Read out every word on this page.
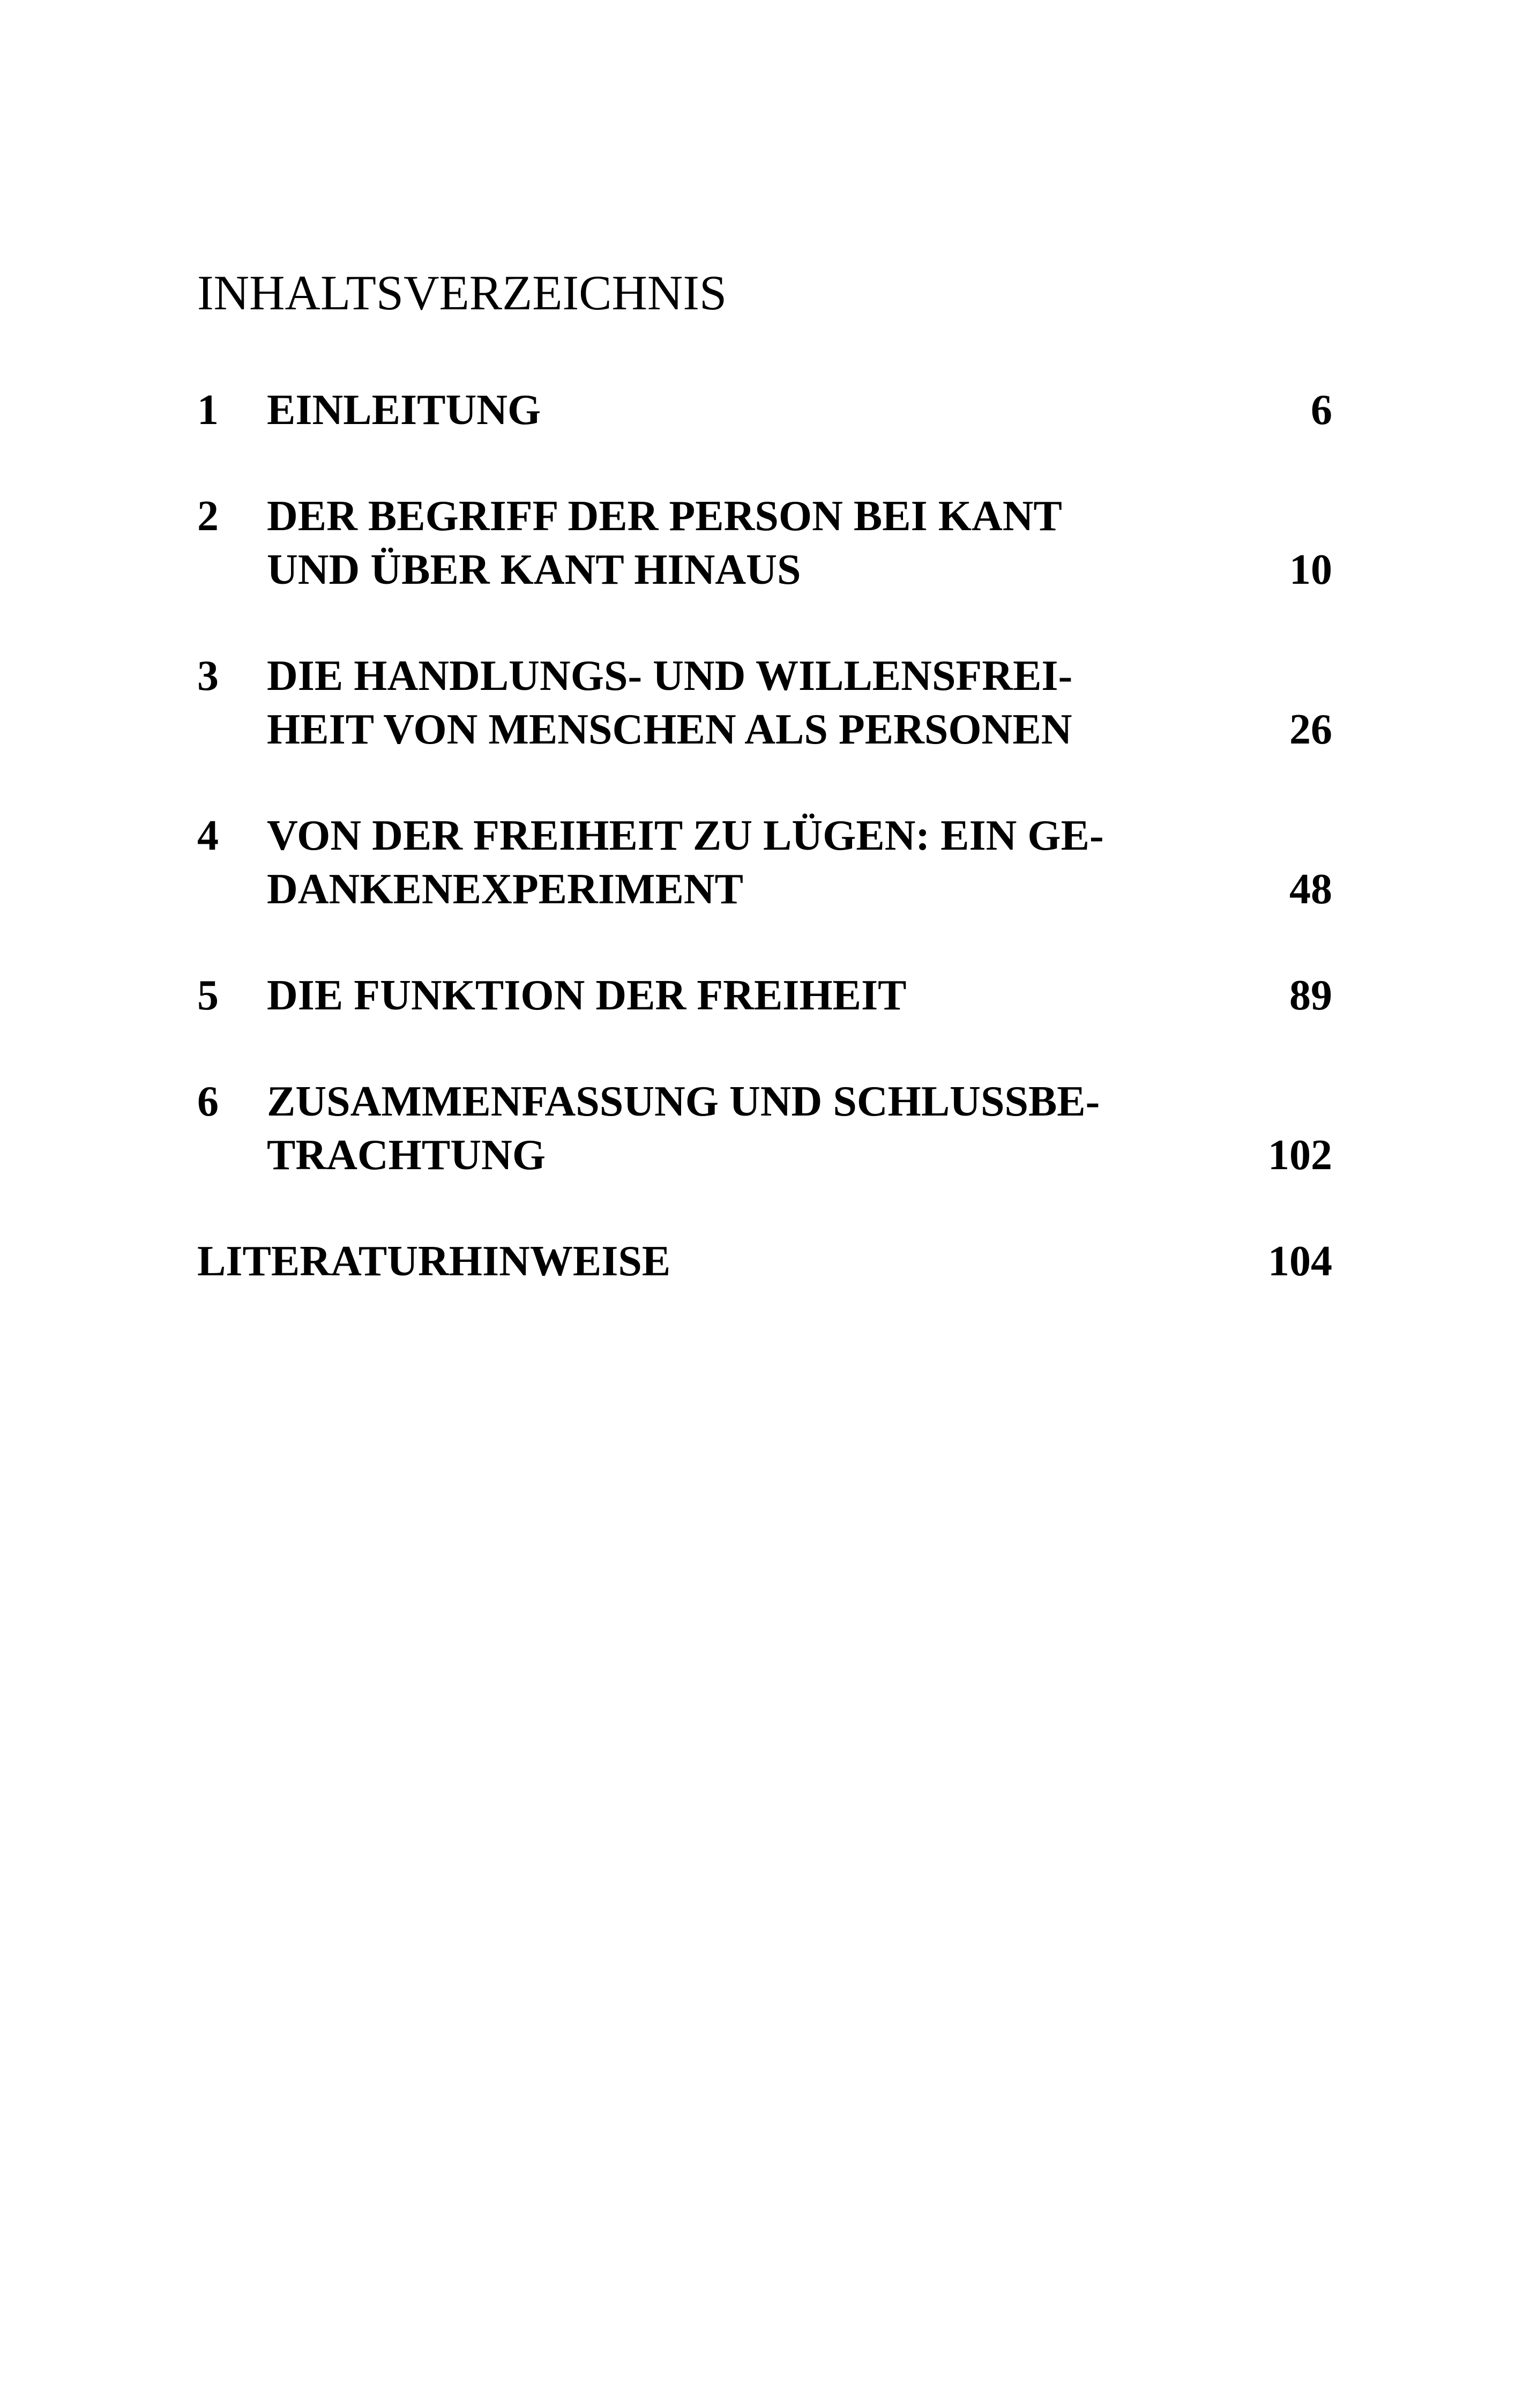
INHALTSVERZEICHNIS
1 EINLEITUNG	6
2 DER BEGRIFF DER PERSON BEI KANT
UND ÜBER KANT HINAUS	10
3 DIE HANDLUNGS- UND WILLENSFREI-
HEIT VON MENSCHEN ALS PERSONEN	26
4 VON DER FREIHEIT ZU LÜGEN: EIN GE-
DANKENEXPERIMENT	48
5 DIE FUNKTION DER FREIHEIT	89
6 ZUSAMMENFASSUNG UND SCHLUSSBE-
TRACHTUNG	102
LITERATURHINWEISE	104
